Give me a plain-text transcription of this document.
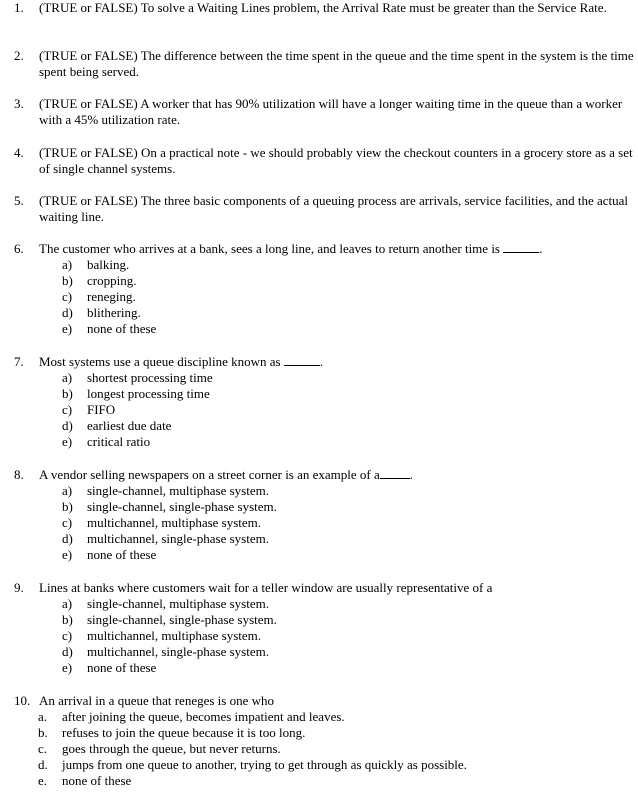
1. (TRUE or FALSE) To solve a Waiting Lines problem, the Arrival Rate must be greater than the Service Rate.
2. (TRUE or FALSE) The difference between the time spent in the queue and the time spent in the system is the time spent being served.
3. (TRUE or FALSE) A worker that has 90% utilization will have a longer waiting time in the queue than a worker with a 45% utilization rate.
4. (TRUE or FALSE) On a practical note - we should probably view the checkout counters in a grocery store as a set of single channel systems.
5. (TRUE or FALSE) The three basic components of a queuing process are arrivals, service facilities, and the actual waiting line.
6. The customer who arrives at a bank, sees a long line, and leaves to return another time is	.
a) balking.
b) cropping.
c) reneging.
d) blithering.
e) none of these
7. Most systems use a queue discipline known as	.
a) shortest processing time
b) longest processing time
c) FIFO
d) earliest due date
e) critical ratio
8. A vendor selling newspapers on a street corner is an example of a .
a) single-channel, multiphase system.
b) single-channel, single-phase system.
c) multichannel, multiphase system.
d) multichannel, single-phase system.
e) none of these
9. Lines at banks where customers wait for a teller window are usually representative of a
a) single-channel, multiphase system.
b) single-channel, single-phase system.
c) multichannel, multiphase system.
d) multichannel, single-phase system.
e) none of these
10. An arrival in a queue that reneges is one who
a. after joining the queue, becomes impatient and leaves.
b. refuses to join the queue because it is too long.
c. goes through the queue, but never returns.
d. jumps from one queue to another, trying to get through as quickly as possible.
e. none of these
